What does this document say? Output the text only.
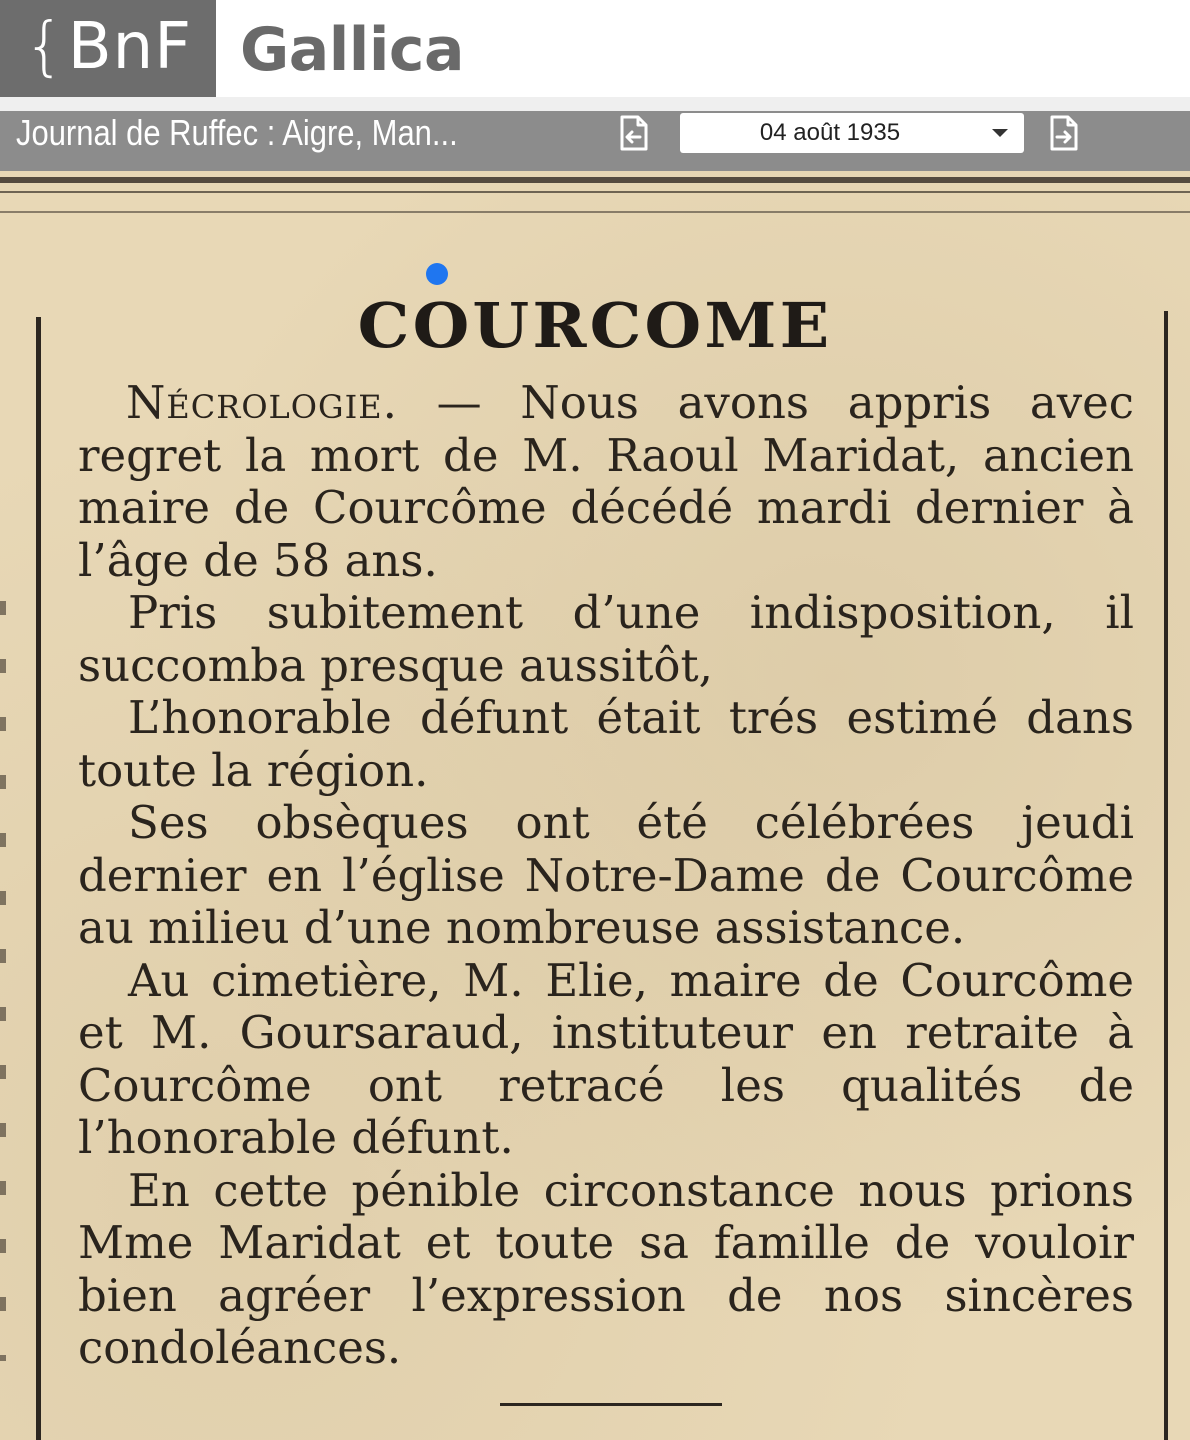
{ BnF Gallica
Journal de Ruffec : Aigre, Man...	04 août 1935
COURCOME

Nécrologie. — Nous avons appris avec regret la mort de M. Raoul Maridat, ancien maire de Courcôme décédé mardi dernier à l’âge de 58 ans.

Pris subitement d’une indisposition, il succomba presque aussitôt,

L’honorable défunt était trés estimé dans toute la région.

Ses obsèques ont été célébrées jeudi dernier en l’église Notre-Dame de Courcôme au milieu d’une nombreuse assistance.

Au cimetière, M. Elie, maire de Courcôme et M. Goursaraud, instituteur en retraite à Courcôme ont retracé les qualités de l’honorable défunt.

En cette pénible circonstance nous prions Mme Maridat et toute sa famille de vouloir bien agréer l’expression de nos sincères condoléances.
